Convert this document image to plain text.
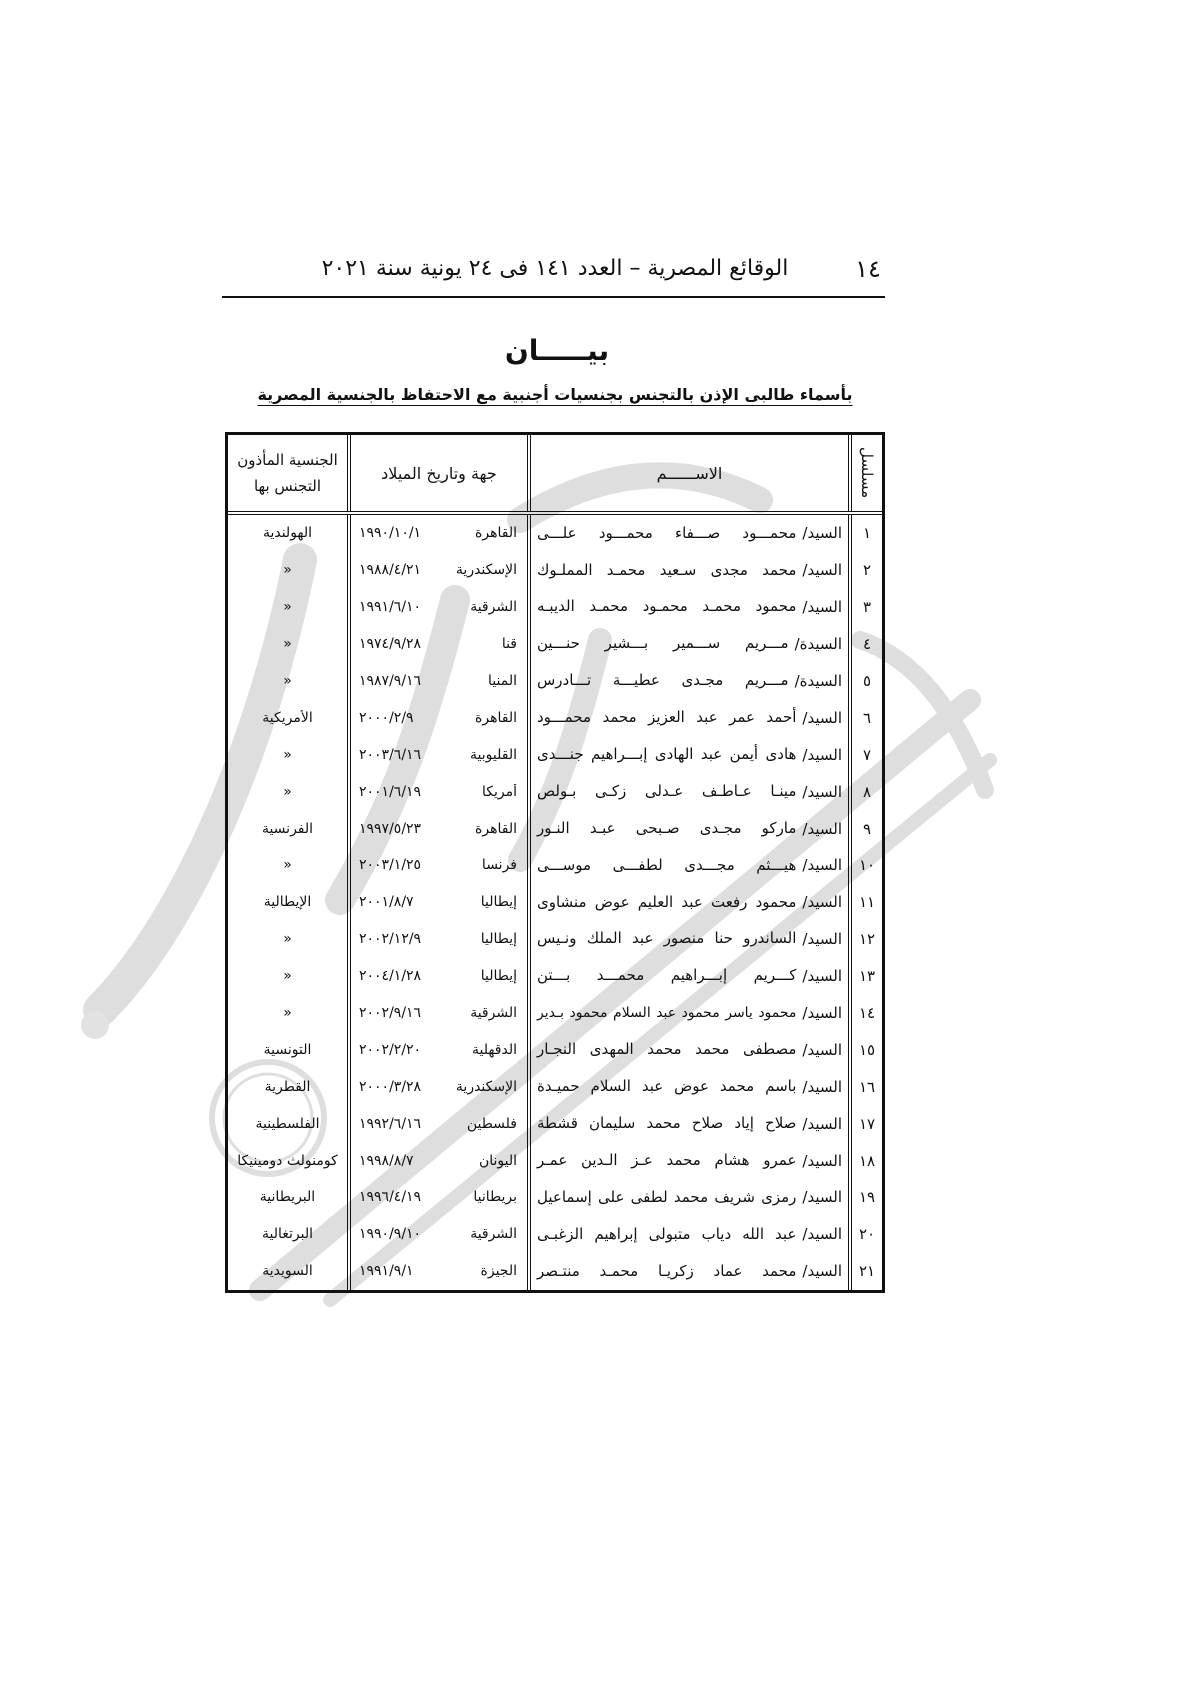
١٤
الوقائع المصرية – العدد ١٤١ فى ٢٤ يونية سنة ٢٠٢١
بيـــــان
بأسماء طالبى الإذن بالتجنس بجنسيات أجنبية مع الاحتفاظ بالجنسية المصرية
مسلسل
الاســــــم
جهة وتاريخ الميلاد
الجنسية المأذون
التجنس بها
١
السيد/
محمـــود صـــفاء محمـــود علـــى
القاهرة
١٩٩٠/١٠/١
الهولندية
٢
السيد/
محمد مجدى سـعيد محمـد المملـوك
الإسكندرية
١٩٨٨/٤/٢١
«
٣
السيد/
محمود محمـد محمـود محمـد الديبـه
الشرقية
١٩٩١/٦/١٠
«
٤
السيدة/
مـــريم ســـمير بـــشير حنـــين
قنا
١٩٧٤/٩/٢٨
«
٥
السيدة/
مـــريم مجـدى عطيـــة تـــادرس
المنيا
١٩٨٧/٩/١٦
«
٦
السيد/
أحمد عمر عبد العزيز محمد محمـــود
القاهرة
٢٠٠٠/٢/٩
الأمريكية
٧
السيد/
هادى أيمن عبد الهادى إبـــراهيم جنـــدى
القليوبية
٢٠٠٣/٦/١٦
«
٨
السيد/
مينـا عـاطـف عـدلى زكـى بـولص
أمريكا
٢٠٠١/٦/١٩
«
٩
السيد/
ماركو مجـدى صـبحى عبـد النـور
القاهرة
١٩٩٧/٥/٢٣
الفرنسية
١٠
السيد/
هيـــثم مجـــدى لطفـــى موســـى
فرنسا
٢٠٠٣/١/٢٥
«
١١
السيد/
محمود رفعت عبد العليم عوض منشاوى
إيطاليا
٢٠٠١/٨/٧
الإيطالية
١٢
السيد/
الساندرو حنا منصور عبد الملك ونـيس
إيطاليا
٢٠٠٢/١٢/٩
«
١٣
السيد/
كـــريم إبـــراهيم محمـــد بـــتن
إيطاليا
٢٠٠٤/١/٢٨
«
١٤
السيد/
محمود ياسر محمود عبد السلام محمود بـدير
الشرقية
٢٠٠٢/٩/١٦
«
١٥
السيد/
مصطفى محمد محمد المهدى النجـار
الدقهلية
٢٠٠٢/٢/٢٠
التونسية
١٦
السيد/
باسم محمد عوض عبد السلام حميـدة
الإسكندرية
٢٠٠٠/٣/٢٨
القطرية
١٧
السيد/
صلاح إياد صلاح محمد سليمان قشطة
فلسطين
١٩٩٢/٦/١٦
الفلسطينية
١٨
السيد/
عمرو هشام محمد عـز الـدين عمـر
اليونان
١٩٩٨/٨/٧
كومنولث دومينيكا
١٩
السيد/
رمزى شريف محمد لطفى على إسماعيل
بريطانيا
١٩٩٦/٤/١٩
البريطانية
٢٠
السيد/
عبد الله دياب متبولى إبراهيم الزغبـى
الشرقية
١٩٩٠/٩/١٠
البرتغالية
٢١
السيد/
محمد عماد زكريـا محمـد منتـصر
الجيزة
١٩٩١/٩/١
السويدية
